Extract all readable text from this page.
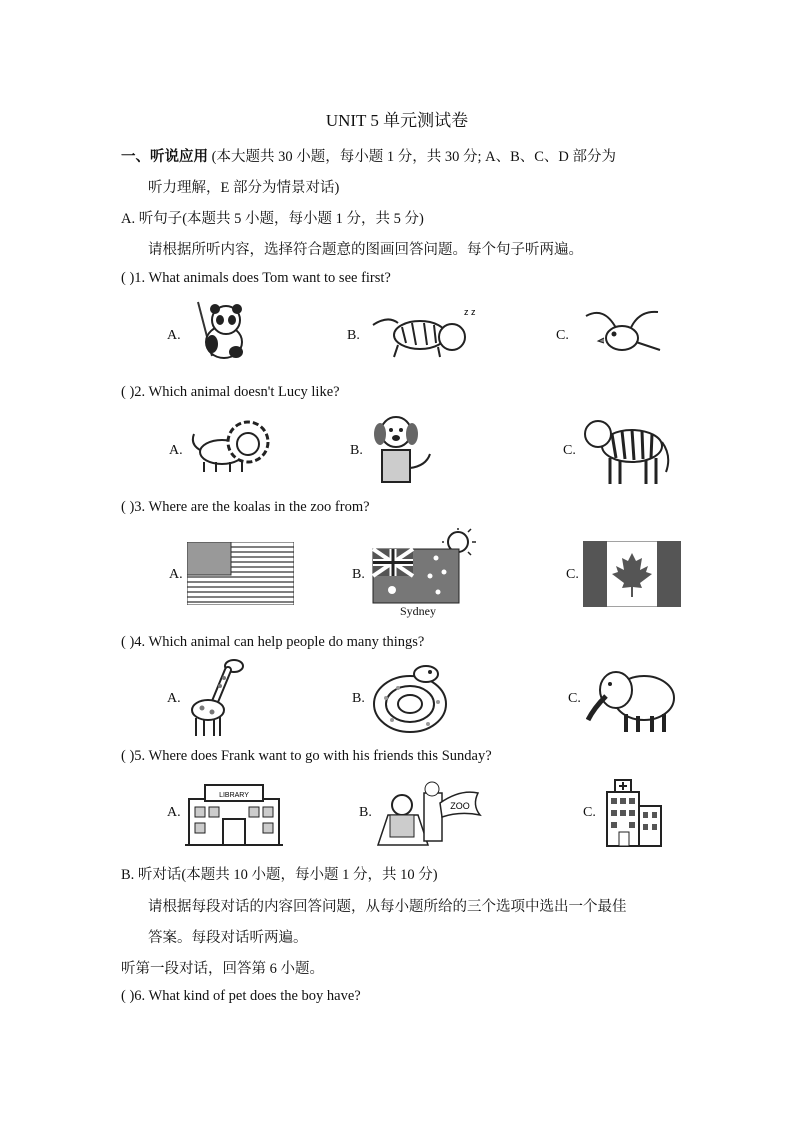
UNIT 5 单元测试卷
一、听说应用 (本大题共 30 小题，每小题 1 分，共 30 分; A、B、C、D 部分为
听力理解，E 部分为情景对话)
A. 听句子(本题共 5 小题，每小题 1 分，共 5 分)
请根据所听内容，选择符合题意的图画回答问题。每个句子听两遍。
( )1. What animals does Tom want to see first?
A.	B.
z z
C.
( )2. Which animal doesn't Lucy like?
A.	B.	C.
( )3. Where are the koalas in the zoo from?
A.	B.
Sydney
C.
( )4. Which animal can help people do many things?
A.	B.	C.
( )5. Where does Frank want to go with his friends this Sunday?
A.
LIBRARY
B.	ZOO	C.
B. 听对话(本题共 10 小题，每小题 1 分，共 10 分)
请根据每段对话的内容回答问题，从每小题所给的三个选项中选出一个最佳
答案。每段对话听两遍。
听第一段对话，回答第 6 小题。
( )6. What kind of pet does the boy have?
